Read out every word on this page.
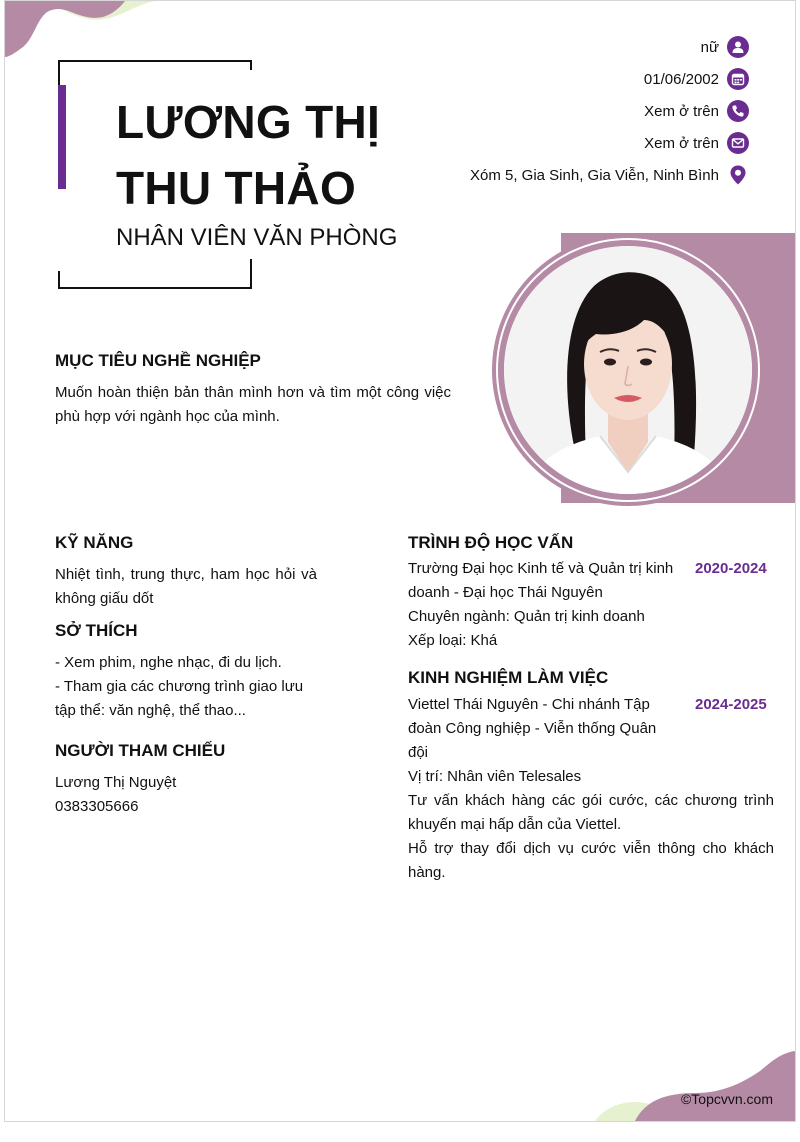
LƯƠNG THỊ
THU THẢO
NHÂN VIÊN VĂN PHÒNG
nữ
01/06/2002
Xem ở trên
Xem ở trên
Xóm 5, Gia Sinh, Gia Viễn, Ninh Bình
MỤC TIÊU NGHỀ NGHIỆP
Muốn hoàn thiện bản thân mình hơn và tìm một công việc phù hợp với ngành học của mình.
KỸ NĂNG
Nhiệt tình, trung thực, ham học hỏi và không giấu dốt
SỞ THÍCH
- Xem phim, nghe nhạc, đi du lịch.
- Tham gia các chương trình giao lưu tập thể: văn nghệ, thể thao...
NGƯỜI THAM CHIẾU
Lương Thị Nguyệt
0383305666
TRÌNH ĐỘ HỌC VẤN
2020-2024
Trường Đại học Kinh tế và Quản trị kinh doanh - Đại học Thái Nguyên
Chuyên ngành: Quản trị kinh doanh
Xếp loại: Khá
KINH NGHIỆM LÀM VIỆC
2024-2025
Viettel Thái Nguyên - Chi nhánh Tập đoàn Công nghiệp - Viễn thống Quân đội
Vị trí: Nhân viên Telesales
Tư vấn khách hàng các gói cước, các chương trình khuyến mại hấp dẫn của Viettel.
Hỗ trợ thay đổi dịch vụ cước viễn thông cho khách hàng.
©Topcvvn.com
